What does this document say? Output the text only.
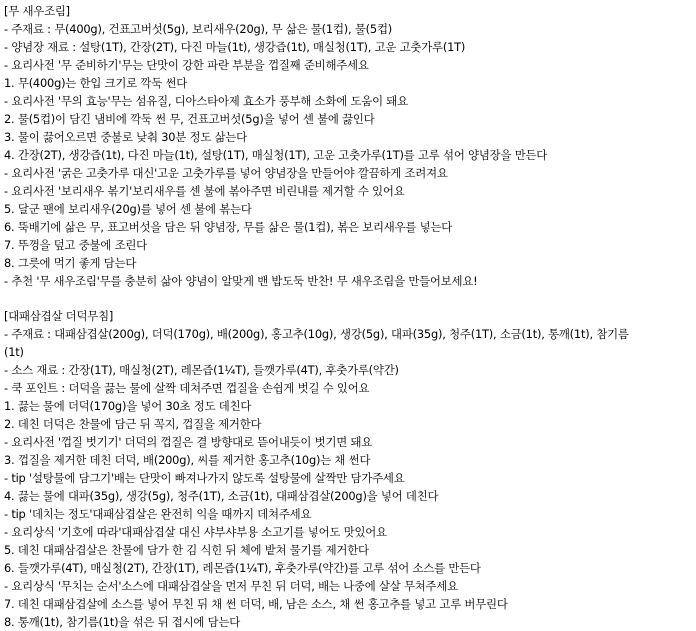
[무 새우조림]
- 주재료 : 무(400g), 건표고버섯(5g), 보리새우(20g), 무 삶은 물(1컵), 물(5컵)
- 양념장 재료 : 설탕(1T), 간장(2T), 다진 마늘(1t), 생강즙(1t), 매실청(1T), 고운 고춧가루(1T)
- 요리사전 '무 준비하기'무는 단맛이 강한 파란 부분을 껍질째 준비해주세요
1. 무(400g)는 한입 크기로 깍둑 썬다
- 요리사전 '무의 효능'무는 섬유질, 디아스타아제 효소가 풍부해 소화에 도움이 돼요
2. 물(5컵)이 담긴 냄비에 깍둑 썬 무, 건표고버섯(5g)을 넣어 센 불에 끓인다
3. 물이 끓어오르면 중불로 낮춰 30분 정도 삶는다
4. 간장(2T), 생강즙(1t), 다진 마늘(1t), 설탕(1T), 매실청(1T), 고운 고춧가루(1T)를 고루 섞어 양념장을 만든다
- 요리사전 '굵은 고춧가루 대신'고운 고춧가루를 넣어 양념장을 만들어야 깔끔하게 조려져요
- 요리사전 '보리새우 볶기'보리새우를 센 불에 볶아주면 비린내를 제거할 수 있어요
5. 달군 팬에 보리새우(20g)를 넣어 센 불에 볶는다
6. 뚝배기에 삶은 무, 표고버섯을 담은 뒤 양념장, 무를 삶은 물(1컵), 볶은 보리새우를 넣는다
7. 뚜껑을 덮고 중불에 조린다
8. 그릇에 먹기 좋게 담는다
- 추천 '무 새우조림'무를 충분히 삶아 양념이 알맞게 밴 밥도둑 반찬! 무 새우조림을 만들어보세요!
[대패삼겹살 더덕무침]
- 주재료 : 대패삼겹살(200g), 더덕(170g), 배(200g), 홍고추(10g), 생강(5g), 대파(35g), 청주(1T), 소금(1t), 통깨(1t), 참기름
(1t)
- 소스 재료 : 간장(1T), 매실청(2T), 레몬즙(1¼T), 들깻가루(4T), 후춧가루(약간)
- 쿡 포인트 : 더덕을 끓는 물에 살짝 데쳐주면 껍질을 손쉽게 벗길 수 있어요
1. 끓는 물에 더덕(170g)을 넣어 30초 정도 데친다
2. 데친 더덕은 찬물에 담근 뒤 꼭지, 껍질을 제거한다
- 요리사전 '껍질 벗기기' 더덕의 껍질은 결 방향대로 뜯어내듯이 벗기면 돼요
3. 껍질을 제거한 데친 더덕, 배(200g), 씨를 제거한 홍고추(10g)는 채 썬다
- tip '설탕물에 담그기'배는 단맛이 빠져나가지 않도록 설탕물에 살짝만 담가주세요
4. 끓는 물에 대파(35g), 생강(5g), 청주(1T), 소금(1t), 대패삼겹살(200g)을 넣어 데친다
- tip '데치는 정도'대패삼겹살은 완전히 익을 때까지 데쳐주세요
- 요리상식 '기호에 따라'대패삼겹살 대신 샤부샤부용 소고기를 넣어도 맛있어요
5. 데친 대패삼겹살은 찬물에 담가 한 김 식힌 뒤 체에 밭쳐 물기를 제거한다
6. 들깻가루(4T), 매실청(2T), 간장(1T), 레몬즙(1¼T), 후춧가루(약간)를 고루 섞어 소스를 만든다
- 요리상식 '무치는 순서'소스에 대패삼겹살을 먼저 무친 뒤 더덕, 배는 나중에 살살 무쳐주세요
7. 데친 대패삼겹살에 소스를 넣어 무친 뒤 채 썬 더덕, 배, 남은 소스, 채 썬 홍고추를 넣고 고루 버무린다
8. 통깨(1t), 참기름(1t)을 섞은 뒤 접시에 담는다
